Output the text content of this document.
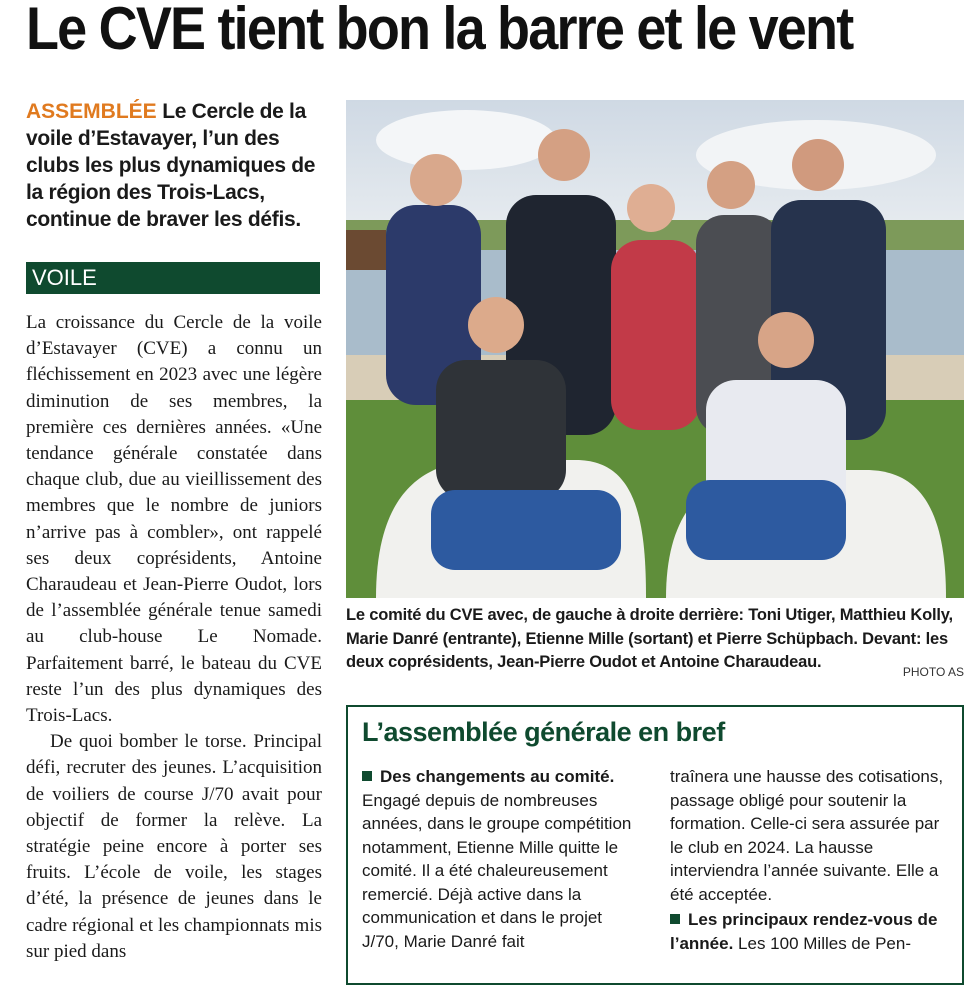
Le CVE tient bon la barre et le vent
ASSEMBLÉE Le Cercle de la voile d’Estavayer, l’un des clubs les plus dynamiques de la région des Trois-Lacs, continue de braver les défis.
VOILE

La croissance du Cercle de la voile d’Estavayer (CVE) a connu un fléchissement en 2023 avec une légère diminution de ses membres, la première ces dernières années. «Une tendance générale constatée dans chaque club, due au vieillissement des membres que le nombre de juniors n’arrive pas à combler», ont rappelé ses deux coprésidents, Antoine Charaudeau et Jean-Pierre Oudot, lors de l’assemblée générale tenue samedi au club-house Le Nomade. Parfaitement barré, le bateau du CVE reste l’un des plus dynamiques des Trois-Lacs.

De quoi bomber le torse. Principal défi, recruter des jeunes. L’acquisition de voiliers de course J/70 avait pour objectif de former la relève. La stratégie peine encore à porter ses fruits. L’école de voile, les stages d’été, la présence de jeunes dans le cadre régional et les championnats mis sur pied dans

Le comité du CVE avec, de gauche à droite derrière: Toni Utiger, Matthieu Kolly, Marie Danré (entrante), Etienne Mille (sortant) et Pierre Schüpbach. Devant: les deux coprésidents, Jean-Pierre Oudot et Antoine Charaudeau.
PHOTO AS
L’assemblée générale en bref
Des changements au comité. Engagé depuis de nombreuses années, dans le groupe compétition notamment, Etienne Mille quitte le comité. Il a été chaleureusement remercié. Déjà active dans la communication et dans le projet J/70, Marie Danré fait
traînera une hausse des cotisations, passage obligé pour soutenir la formation. Celle-ci sera assurée par le club en 2024. La hausse interviendra l’année suivante. Elle a été acceptée.
Les principaux rendez-vous de l’année. Les 100 Milles de Pen-
